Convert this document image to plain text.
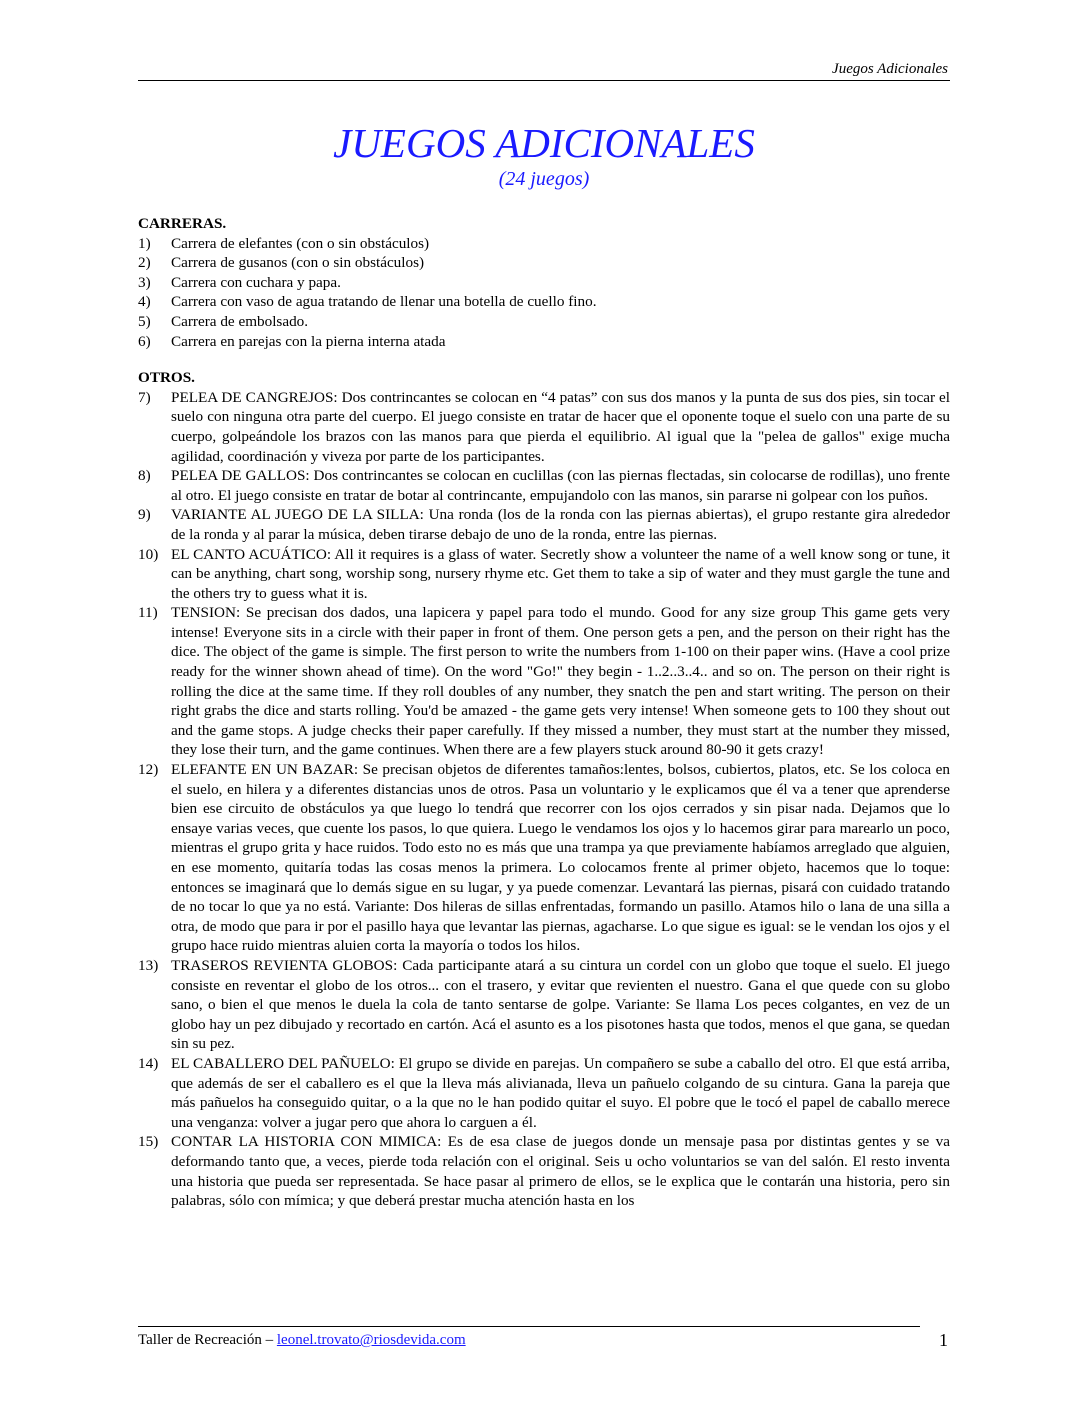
Juegos Adicionales
JUEGOS ADICIONALES
(24 juegos)

CARRERAS.

1) Carrera de elefantes (con o sin obstáculos)
2) Carrera de gusanos (con o sin obstáculos)
3) Carrera con cuchara y papa.
4) Carrera con vaso de agua tratando de llenar una botella de cuello fino.
5) Carrera de embolsado.
6) Carrera en parejas con la pierna interna atada

OTROS.

7) PELEA DE CANGREJOS: Dos contrincantes se colocan en “4 patas” con sus dos manos y la punta de sus dos pies, sin tocar el suelo con ninguna otra parte del cuerpo. El juego consiste en tratar de hacer que el oponente toque el suelo con una parte de su cuerpo, golpeándole los brazos con las manos para que pierda el equilibrio. Al igual que la "pelea de gallos" exige mucha agilidad, coordinación y viveza por parte de los participantes.
8) PELEA DE GALLOS: Dos contrincantes se colocan en cuclillas (con las piernas flectadas, sin colocarse de rodillas), uno frente al otro. El juego consiste en tratar de botar al contrincante, empujandolo con las manos, sin pararse ni golpear con los puños.
9) VARIANTE AL JUEGO DE LA SILLA: Una ronda (los de la ronda con las piernas abiertas), el grupo restante gira alrededor de la ronda y al parar la música, deben tirarse debajo de uno de la ronda, entre las piernas.
10) EL CANTO ACUÁTICO: All it requires is a glass of water. Secretly show a volunteer the name of a well know song or tune, it can be anything, chart song, worship song, nursery rhyme etc. Get them to take a sip of water and they must gargle the tune and the others try to guess what it is.
11) TENSION: Se precisan dos dados, una lapicera y papel para todo el mundo. Good for any size group This game gets very intense! Everyone sits in a circle with their paper in front of them. One person gets a pen, and the person on their right has the dice. The object of the game is simple. The first person to write the numbers from 1-100 on their paper wins. (Have a cool prize ready for the winner shown ahead of time). On the word "Go!" they begin - 1..2..3..4.. and so on. The person on their right is rolling the dice at the same time. If they roll doubles of any number, they snatch the pen and start writing. The person on their right grabs the dice and starts rolling. You'd be amazed - the game gets very intense! When someone gets to 100 they shout out and the game stops. A judge checks their paper carefully. If they missed a number, they must start at the number they missed, they lose their turn, and the game continues. When there are a few players stuck around 80-90 it gets crazy!
12) ELEFANTE EN UN BAZAR: Se precisan objetos de diferentes tamaños:lentes, bolsos, cubiertos, platos, etc. Se los coloca en el suelo, en hilera y a diferentes distancias unos de otros. Pasa un voluntario y le explicamos que él va a tener que aprenderse bien ese circuito de obstáculos ya que luego lo tendrá que recorrer con los ojos cerrados y sin pisar nada. Dejamos que lo ensaye varias veces, que cuente los pasos, lo que quiera. Luego le vendamos los ojos y lo hacemos girar para marearlo un poco, mientras el grupo grita y hace ruidos. Todo esto no es más que una trampa ya que previamente habíamos arreglado que alguien, en ese momento, quitaría todas las cosas menos la primera. Lo colocamos frente al primer objeto, hacemos que lo toque: entonces se imaginará que lo demás sigue en su lugar, y ya puede comenzar. Levantará las piernas, pisará con cuidado tratando de no tocar lo que ya no está. Variante: Dos hileras de sillas enfrentadas, formando un pasillo. Atamos hilo o lana de una silla a otra, de modo que para ir por el pasillo haya que levantar las piernas, agacharse. Lo que sigue es igual: se le vendan los ojos y el grupo hace ruido mientras aluien corta la mayoría o todos los hilos.
13) TRASEROS REVIENTA GLOBOS: Cada participante atará a su cintura un cordel con un globo que toque el suelo. El juego consiste en reventar el globo de los otros... con el trasero, y evitar que revienten el nuestro. Gana el que quede con su globo sano, o bien el que menos le duela la cola de tanto sentarse de golpe. Variante: Se llama Los peces colgantes, en vez de un globo hay un pez dibujado y recortado en cartón. Acá el asunto es a los pisotones hasta que todos, menos el que gana, se quedan sin su pez.
14) EL CABALLERO DEL PAÑUELO: El grupo se divide en parejas. Un compañero se sube a caballo del otro. El que está arriba, que además de ser el caballero es el que la lleva más alivianada, lleva un pañuelo colgando de su cintura. Gana la pareja que más pañuelos ha conseguido quitar, o a la que no le han podido quitar el suyo. El pobre que le tocó el papel de caballo merece una venganza: volver a jugar pero que ahora lo carguen a él.
15) CONTAR LA HISTORIA CON MIMICA: Es de esa clase de juegos donde un mensaje pasa por distintas gentes y se va deformando tanto que, a veces, pierde toda relación con el original. Seis u ocho voluntarios se van del salón. El resto inventa una historia que pueda ser representada. Se hace pasar al primero de ellos, se le explica que le contarán una historia, pero sin palabras, sólo con mímica; y que deberá prestar mucha atención hasta en los
Taller de Recreación – leonel.trovato@riosdevida.com	1
